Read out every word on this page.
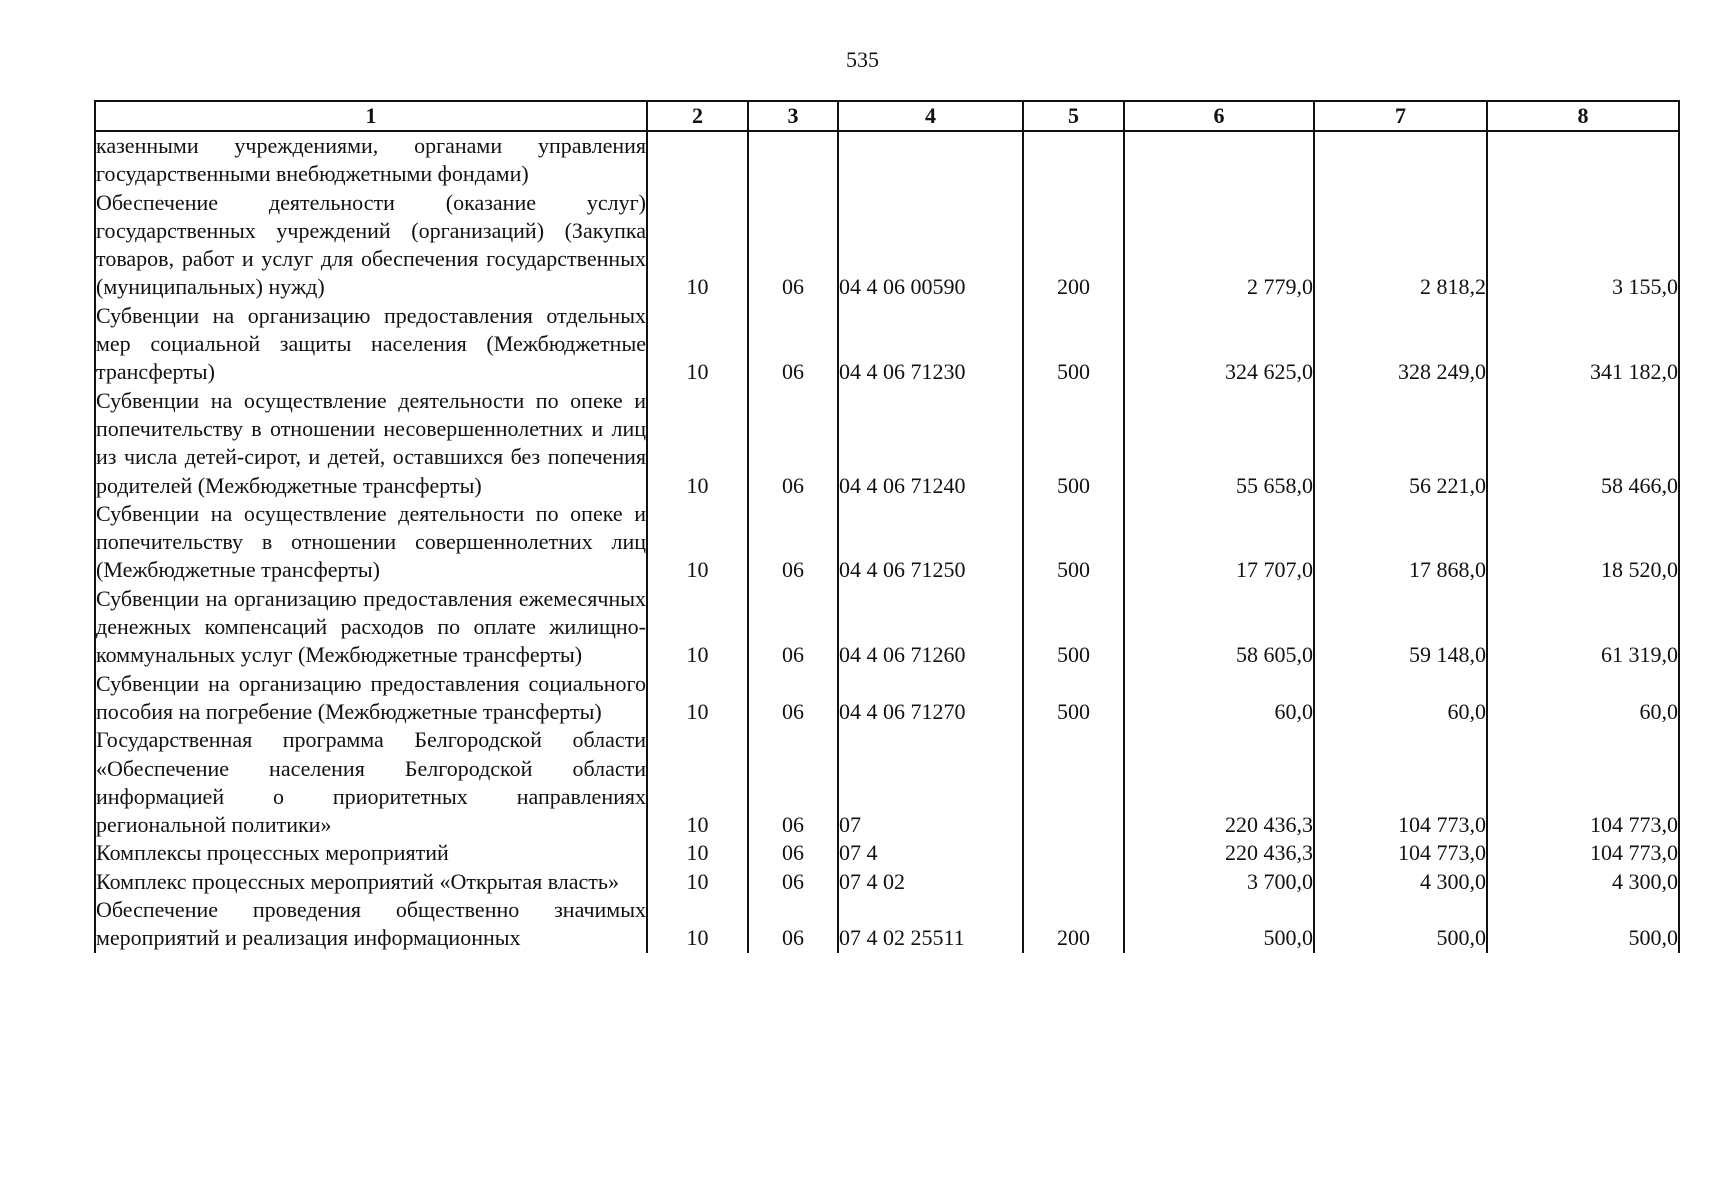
535
1	2	3	4	5	6	7	8
казенными учреждениями, органами управления государственными внебюджетными фондами)							
Обеспечение деятельности (оказание услуг) государственных учреждений (организаций) (Закупка товаров, работ и услуг для обеспечения государственных (муниципальных) нужд)	10	06	04 4 06 00590	200	2 779,0	2 818,2	3 155,0
Субвенции на организацию предоставления отдельных мер социальной защиты населения (Межбюджетные трансферты)	10	06	04 4 06 71230	500	324 625,0	328 249,0	341 182,0
Субвенции на осуществление деятельности по опеке и попечительству в отношении несовершеннолетних и лиц из числа детей-сирот, и детей, оставшихся без попечения родителей (Межбюджетные трансферты)	10	06	04 4 06 71240	500	55 658,0	56 221,0	58 466,0
Субвенции на осуществление деятельности по опеке и попечительству в отношении совершеннолетних лиц (Межбюджетные трансферты)	10	06	04 4 06 71250	500	17 707,0	17 868,0	18 520,0
Субвенции на организацию предоставления ежемесячных денежных компенсаций расходов по оплате жилищно-коммунальных услуг (Межбюджетные трансферты)	10	06	04 4 06 71260	500	58 605,0	59 148,0	61 319,0
Субвенции на организацию предоставления социального пособия на погребение (Межбюджетные трансферты)	10	06	04 4 06 71270	500	60,0	60,0	60,0
Государственная программа Белгородской области «Обеспечение населения Белгородской области информацией о приоритетных направлениях региональной политики»	10	06	07		220 436,3	104 773,0	104 773,0
Комплексы процессных мероприятий	10	06	07 4		220 436,3	104 773,0	104 773,0
Комплекс процессных мероприятий «Открытая власть»	10	06	07 4 02		3 700,0	4 300,0	4 300,0
Обеспечение проведения общественно значимых мероприятий и реализация информационных	10	06	07 4 02 25511	200	500,0	500,0	500,0
